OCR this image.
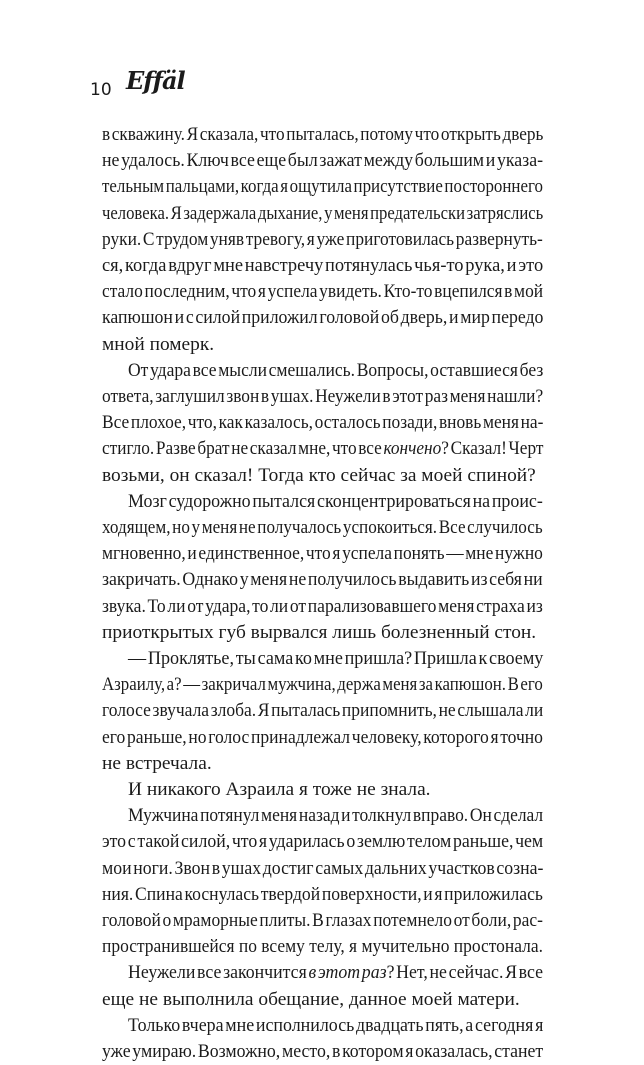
10 Effäl
в скважину. Я сказала, что пыталась, потому что открыть дверь
не удалось. Ключ все еще был зажат между большим и указа-
тельным пальцами, когда я ощутила присутствие постороннего
человека. Я задержала дыхание, у меня предательски затряслись
руки. С трудом уняв тревогу, я уже приготовилась развернуть-
ся, когда вдруг мне навстречу потянулась чья-то рука, и это
стало последним, что я успела увидеть. Кто-то вцепился в мой
капюшон и с силой приложил головой об дверь, и мир передо
мной померк.
От удара все мысли смешались. Вопросы, оставшиеся без
ответа, заглушил звон в ушах. Неужели в этот раз меня нашли?
Все плохое, что, как казалось, осталось позади, вновь меня на-
стигло. Разве брат не сказал мне, что все кончено? Сказал! Черт
возьми, он сказал! Тогда кто сейчас за моей спиной?
Мозг судорожно пытался сконцентрироваться на проис-
ходящем, но у меня не получалось успокоиться. Все случилось
мгновенно, и единственное, что я успела понять — мне нужно
закричать. Однако у меня не получилось выдавить из себя ни
звука. То ли от удара, то ли от парализовавшего меня страха из
приоткрытых губ вырвался лишь болезненный стон.
— Проклятье, ты сама ко мне пришла? Пришла к своему
Азраилу, а? — закричал мужчина, держа меня за капюшон. В его
голосе звучала злоба. Я пыталась припомнить, не слышала ли
его раньше, но голос принадлежал человеку, которого я точно
не встречала.
И никакого Азраила я тоже не знала.
Мужчина потянул меня назад и толкнул вправо. Он сделал
это с такой силой, что я ударилась о землю телом раньше, чем
мои ноги. Звон в ушах достиг самых дальних участков созна-
ния. Спина коснулась твердой поверхности, и я приложилась
головой о мраморные плиты. В глазах потемнело от боли, рас-
пространившейся по всему телу, я мучительно простонала.
Неужели все закончится в этот раз? Нет, не сейчас. Я все
еще не выполнила обещание, данное моей матери.
Только вчера мне исполнилось двадцать пять, а сегодня я
уже умираю. Возможно, место, в котором я оказалась, станет
